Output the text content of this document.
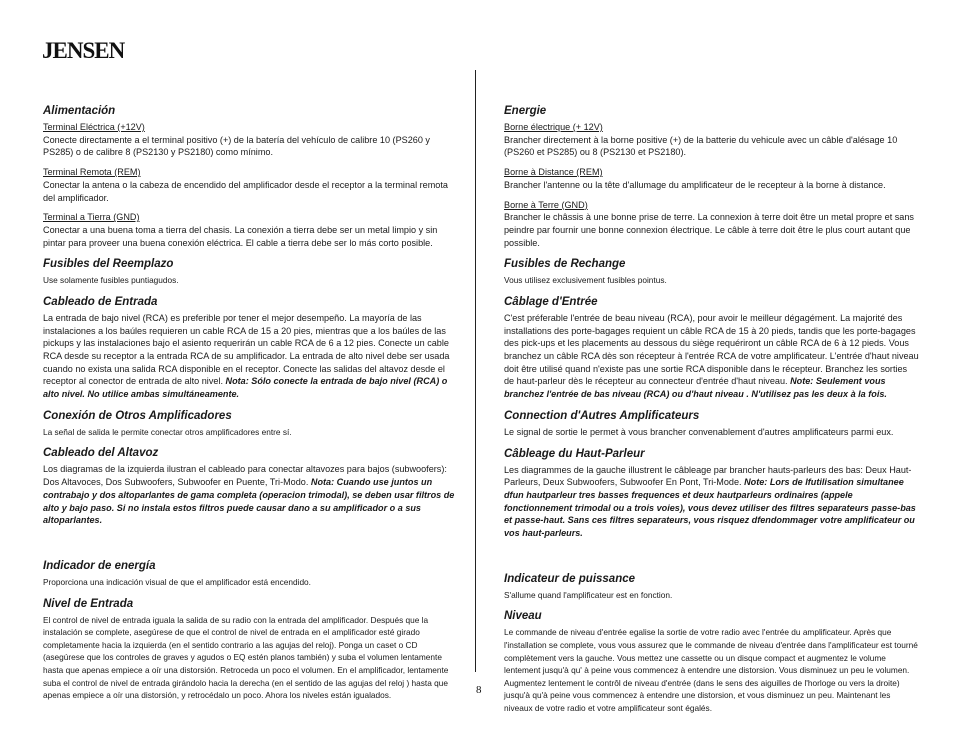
JENSEN
Alimentación
Terminal Eléctrica (+12V)

Conecte directamente a el terminal positivo (+) de la batería del vehículo de calibre 10 (PS260 y PS285) o de calibre 8 (PS2130 y PS2180) como mínimo.

Terminal Remota (REM)

Conectar la antena o la cabeza de encendido del amplificador desde el receptor a la terminal remota del amplificador.

Terminal a Tierra (GND)

Conectar a una buena toma a tierra del chasis. La conexión a tierra debe ser un metal limpio y sin pintar para proveer una buena conexión eléctrica. El cable a tierra debe ser lo más corto posible.

Fusibles del Reemplazo

Use solamente fusibles puntiagudos.

Cableado de Entrada

La entrada de bajo nivel (RCA) es preferible por tener el mejor desempeño. La mayoría de las instalaciones a los baúles requieren un cable RCA de 15 a 20 pies, mientras que a los baúles de las pickups y las instalaciones bajo el asiento requerirán un cable RCA de 6 a 12 pies. Conecte un cable RCA desde su receptor a la entrada RCA de su amplificador. La entrada de alto nivel debe ser usada cuando no exista una salida RCA disponible en el receptor. Conecte las salidas del altavoz desde el receptor al conector de entrada de alto nivel. Nota: Sólo conecte la entrada de bajo nivel (RCA) o alto nivel. No utilice ambas simultáneamente.

Conexión de Otros Amplificadores

La señal de salida le permite conectar otros amplificadores entre sí.

Cableado del Altavoz

Los diagramas de la izquierda ilustran el cableado para conectar altavozes para bajos (subwoofers): Dos Altavoces, Dos Subwoofers, Subwoofer en Puente, Tri-Modo. Nota: Cuando use juntos un contrabajo y dos altoparlantes de gama completa (operacion trimodal), se deben usar filtros de alto y bajo paso. Si no instala estos filtros puede causar dano a su amplificador o a sus altoparlantes.

Indicador de energía

Proporciona una indicación visual de que el amplificador está encendido.

Nivel de Entrada

El control de nivel de entrada iguala la salida de su radio con la entrada del amplificador. Después que la instalación se complete, asegúrese de que el control de nivel de entrada en el amplificador esté girado completamente hacia la izquierda (en el sentido contrario a las agujas del reloj). Ponga un caset o CD (asegúrese que los controles de graves y agudos o EQ estén planos también) y suba el volumen lentamente hasta que apenas empiece a oír una distorsión. Retroceda un poco el volumen. En el amplificador, lentamente suba el control de nivel de entrada girándolo hacia la derecha (en el sentido de las agujas del reloj ) hasta que apenas empiece a oír una distorsión, y retrocédalo un poco. Ahora los niveles están igualados.

Energie
Borne électrique (+ 12V)

Brancher directement à la borne positive (+) de la batterie du vehicule avec un câble d'alésage 10 (PS260 et PS285) ou 8 (PS2130 et PS2180).

Borne à Distance (REM)

Brancher l'antenne ou la tête d'allumage du amplificateur de le recepteur à la borne à distance.

Borne à Terre (GND)

Brancher le châssis à une bonne prise de terre. La connexion à terre doit être un metal propre et sans peindre par fournir une bonne connexion électrique. Le câble à terre doit être le plus court autant que possible.

Fusibles de Rechange

Vous utilisez exclusivement fusibles pointus.

Câblage d'Entrée

C'est préferable l'entrée de beau niveau (RCA), pour avoir le meilleur dégagément. La majorité des installations des porte-bagages requient un câble RCA de 15 à 20 pieds, tandis que les porte-bagages des pick-ups et les placements au dessous du siège requériront un câble RCA de 6 à 12 pieds. Vous branchez un câble RCA dès son récepteur à l'entrée RCA de votre amplificateur. L'entrée d'haut niveau doit être utilisé quand n'existe pas une sortie RCA disponible dans le récepteur. Branchez les sorties de haut-parleur dès le récepteur au connecteur d'entrée d'haut niveau. Note: Seulement vous branchez l'entrée de bas niveau (RCA) ou d'haut niveau . N'utilisez pas les deux à la fois.

Connection d'Autres Amplificateurs

Le signal de sortie le permet à vous brancher convenablement d'autres amplificateurs parmi eux.

Câbleage du Haut-Parleur

Les diagrammes de la gauche illustrent le câbleage par brancher hauts-parleurs des bas: Deux Haut-Parleurs, Deux Subwoofers, Subwoofer En Pont, Tri-Mode. Note: Lors de lfutilisation simultanee dfun hautparleur tres basses frequences et deux hautparleurs ordinaires (appele fonctionnement trimodal ou a trois voies), vous devez utiliser des filtres separateurs passe-bas et passe-haut. Sans ces filtres separateurs, vous risquez dfendommager votre amplificateur ou vos haut-parleurs.

Indicateur de puissance

S'allume quand l'amplificateur est en fonction.

Niveau

Le commande de niveau d'entrée egalise la sortie de votre radio avec l'entrée du amplificateur. Après que l'installation se complete, vous vous assurez que le commande de niveau d'entrée dans l'amplificateur est tourné complètement vers la gauche. Vous mettez une cassette ou un disque compact et augmentez le volume lentement jusqu'à qu' à peine vous commencez à entendre une distorsion. Vous disminuez un peu le volumen. Augmentez lentement le contrôl de niveau d'entrée (dans le sens des aiguilles de l'horloge ou vers la droite) jusqu'à qu'à peine vous commencez à entendre une distorsion, et vous disminuez un peu. Maintenant les niveaux de votre radio et votre amplificateur sont égalés.

8
